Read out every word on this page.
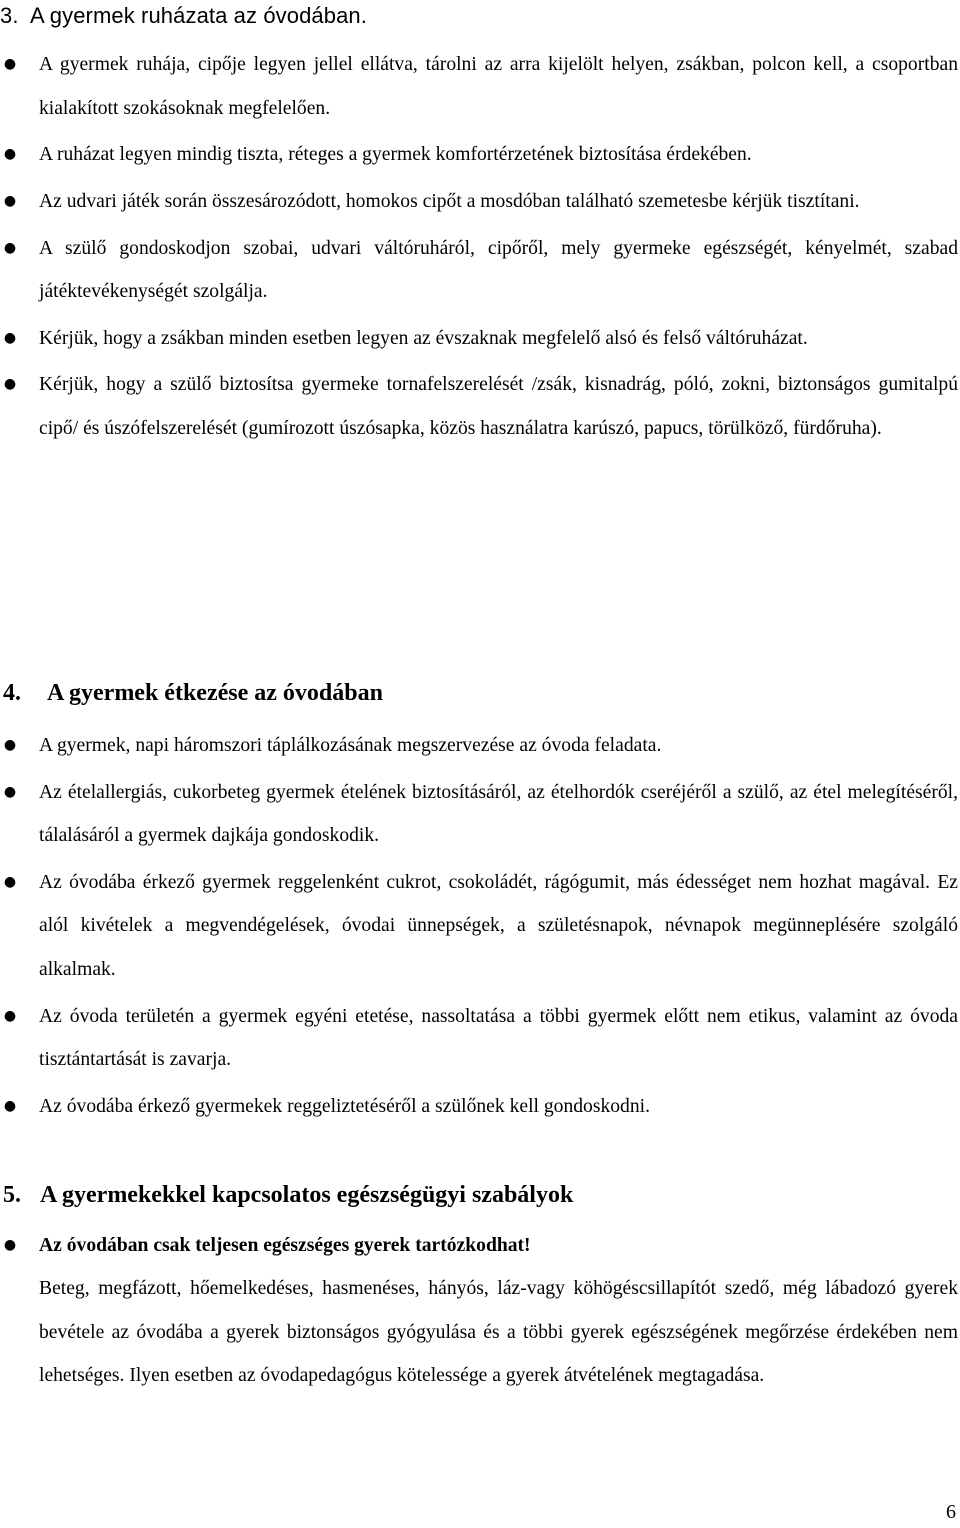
3. A gyermek ruházata az óvodában.
● A gyermek ruhája, cipője legyen jellel ellátva, tárolni az arra kijelölt helyen, zsákban, polcon kell, a csoportban kialakított szokásoknak megfelelően.
● A ruházat legyen mindig tiszta, réteges a gyermek komfortérzetének biztosítása érdekében.
● Az udvari játék során összesározódott, homokos cipőt a mosdóban található szemetesbe kérjük tisztítani.
● A szülő gondoskodjon szobai, udvari váltóruháról, cipőről, mely gyermeke egészségét, kényelmét, szabad játéktevékenységét szolgálja.
● Kérjük, hogy a zsákban minden esetben legyen az évszaknak megfelelő alsó és felső váltóruházat.
● Kérjük, hogy a szülő biztosítsa gyermeke tornafelszerelését /zsák, kisnadrág, póló, zokni, biztonságos gumitalpú cipő/ és úszófelszerelését (gumírozott úszósapka, közös használatra karúszó, papucs, törülköző, fürdőruha).
4. A gyermek étkezése az óvodában
● A gyermek, napi háromszori táplálkozásának megszervezése az óvoda feladata.
● Az ételallergiás, cukorbeteg gyermek ételének biztosításáról, az ételhordók cseréjéről a szülő, az étel melegítéséről, tálalásáról a gyermek dajkája gondoskodik.
● Az óvodába érkező gyermek reggelenként cukrot, csokoládét, rágógumit, más édességet nem hozhat magával. Ez alól kivételek a megvendégelések, óvodai ünnepségek, a születésnapok, névnapok megünneplésére szolgáló alkalmak.
● Az óvoda területén a gyermek egyéni etetése, nassoltatása a többi gyermek előtt nem etikus, valamint az óvoda tisztántartását is zavarja.
● Az óvodába érkező gyermekek reggeliztetéséről a szülőnek kell gondoskodni.
5. A gyermekekkel kapcsolatos egészségügyi szabályok
● Az óvodában csak teljesen egészséges gyerek tartózkodhat!

Beteg, megfázott, hőemelkedéses, hasmenéses, hányós, láz-vagy köhögéscsillapítót szedő, még lábadozó gyerek bevétele az óvodába a gyerek biztonságos gyógyulása és a többi gyerek egészségének megőrzése érdekében nem lehetséges. Ilyen esetben az óvodapedagógus kötelessége a gyerek átvételének megtagadása.

6
